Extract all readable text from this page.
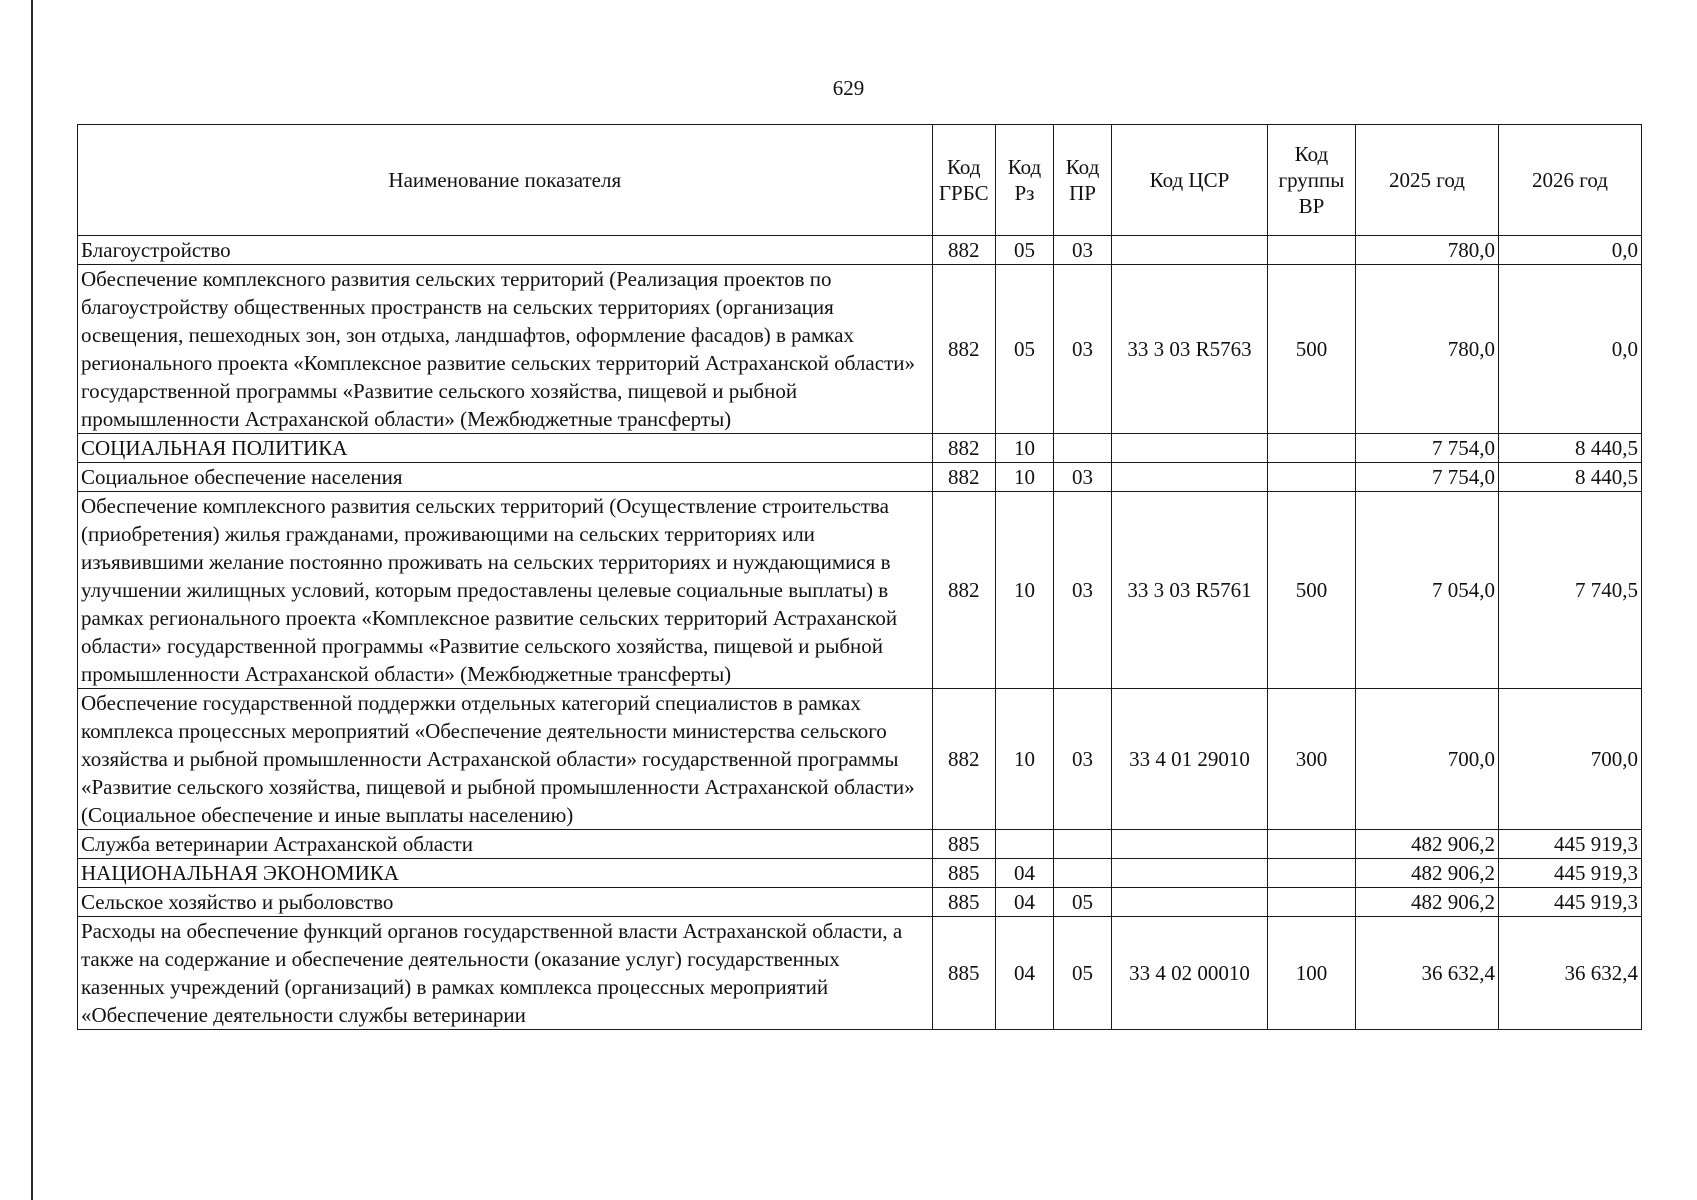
629
Наименование показателя	Код ГРБС	Код Рз	Код ПР	Код ЦСР	Код группы ВР	2025 год	2026 год
Благоустройство	882	05	03			780,0	0,0
Обеспечение комплексного развития сельских территорий (Реализация проектов по благоустройству общественных пространств на сельских территориях (организация освещения, пешеходных зон, зон отдыха, ландшафтов, оформление фасадов) в рамках регионального проекта «Комплексное развитие сельских территорий Астраханской области» государственной программы «Развитие сельского хозяйства, пищевой и рыбной промышленности Астраханской области» (Межбюджетные трансферты)	882	05	03	33 3 03 R5763	500	780,0	0,0
СОЦИАЛЬНАЯ ПОЛИТИКА	882	10				7 754,0	8 440,5
Социальное обеспечение населения	882	10	03			7 754,0	8 440,5
Обеспечение комплексного развития сельских территорий (Осуществление строительства (приобретения) жилья гражданами, проживающими на сельских территориях или изъявившими желание постоянно проживать на сельских территориях и нуждающимися в улучшении жилищных условий, которым предоставлены целевые социальные выплаты) в рамках регионального проекта «Комплексное развитие сельских территорий Астраханской области» государственной программы «Развитие сельского хозяйства, пищевой и рыбной промышленности Астраханской области» (Межбюджетные трансферты)	882	10	03	33 3 03 R5761	500	7 054,0	7 740,5
Обеспечение государственной поддержки отдельных категорий специалистов в рамках комплекса процессных мероприятий «Обеспечение деятельности министерства сельского хозяйства и рыбной промышленности Астраханской области» государственной программы «Развитие сельского хозяйства, пищевой и рыбной промышленности Астраханской области» (Социальное обеспечение и иные выплаты населению)	882	10	03	33 4 01 29010	300	700,0	700,0
Служба ветеринарии Астраханской области	885					482 906,2	445 919,3
НАЦИОНАЛЬНАЯ ЭКОНОМИКА	885	04				482 906,2	445 919,3
Сельское хозяйство и рыболовство	885	04	05			482 906,2	445 919,3
Расходы на обеспечение функций органов государственной власти Астраханской области, а также на содержание и обеспечение деятельности (оказание услуг) государственных казенных учреждений (организаций) в рамках комплекса процессных мероприятий «Обеспечение деятельности службы ветеринарии	885	04	05	33 4 02 00010	100	36 632,4	36 632,4
